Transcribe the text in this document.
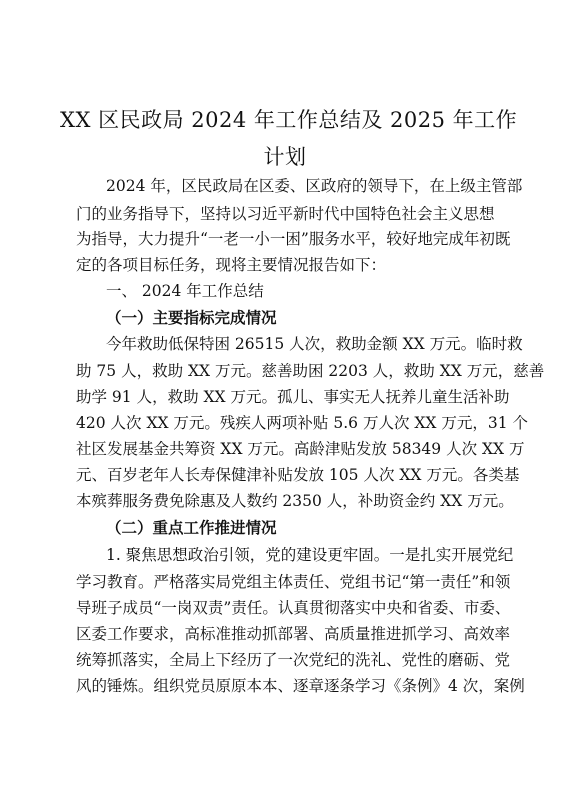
XX 区民政局 2024 年工作总结及 2025 年工作
计划
2024 年，区民政局在区委、区政府的领导下，在上级主管部
门的业务指导下，坚持以习近平新时代中国特色社会主义思想
为指导，大力提升“一老一小一困”服务水平，较好地完成年初既
定的各项目标任务，现将主要情况报告如下：
一、 2024 年工作总结
（一）主要指标完成情况
今年救助低保特困 26515 人次，救助金额 XX 万元。临时救
助 75 人，救助 XX 万元。慈善助困 2203 人，救助 XX 万元，慈善
助学 91 人，救助 XX 万元。孤儿、事实无人抚养儿童生活补助
420 人次 XX 万元。残疾人两项补贴 5.6 万人次 XX 万元，31 个
社区发展基金共筹资 XX 万元。高龄津贴发放 58349 人次 XX 万
元、百岁老年人长寿保健津补贴发放 105 人次 XX 万元。各类基
本殡葬服务费免除惠及人数约 2350 人，补助资金约 XX 万元。
（二）重点工作推进情况
1. 聚焦思想政治引领，党的建设更牢固。一是扎实开展党纪
学习教育。严格落实局党组主体责任、党组书记“第一责任”和领
导班子成员“一岗双责”责任。认真贯彻落实中央和省委、市委、
区委工作要求，高标准推动抓部署、高质量推进抓学习、高效率
统筹抓落实，全局上下经历了一次党纪的洗礼、党性的磨砺、党
风的锤炼。组织党员原原本本、逐章逐条学习《条例》4 次，案例
